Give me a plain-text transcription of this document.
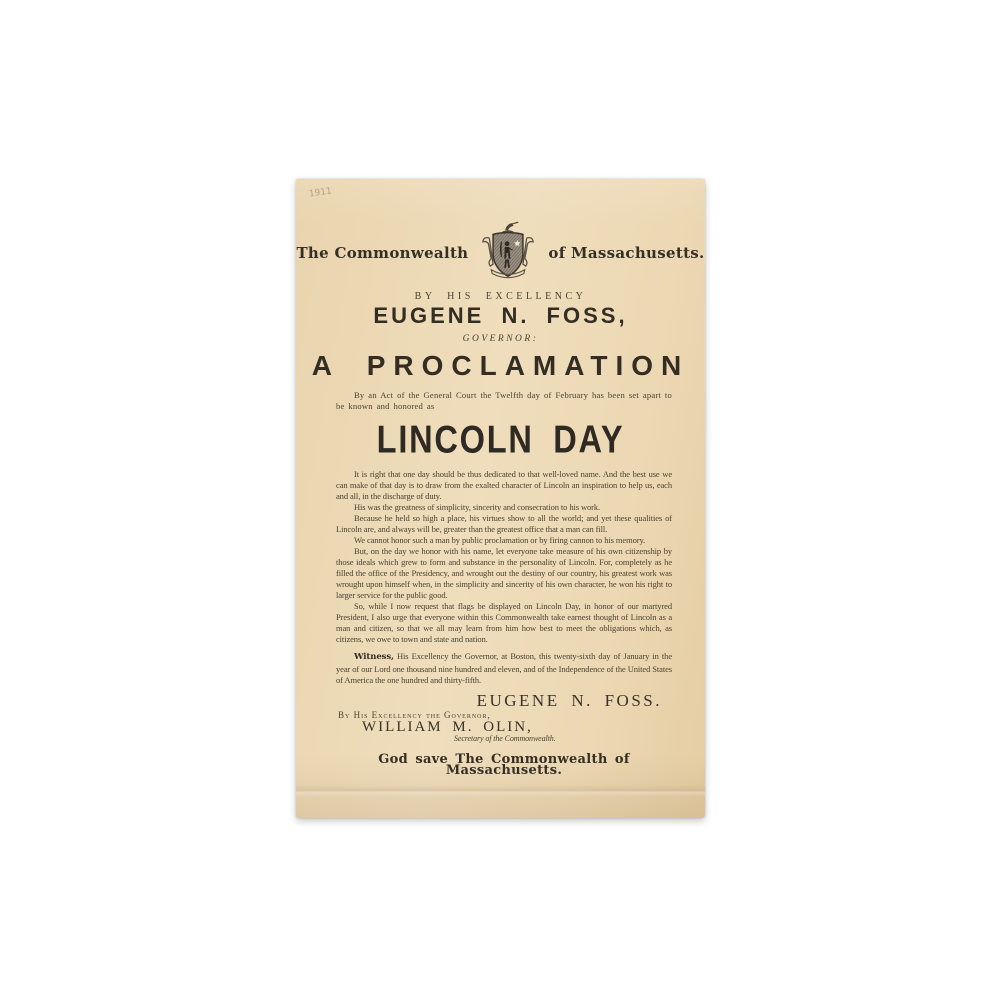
1911
The Commonwealth	of Massachusetts.
BY HIS EXCELLENCY
EUGENE N. FOSS,
GOVERNOR:
A PROCLAMATION

By an Act of the General Court the Twelfth day of February has been set apart to be known and honored as

LINCOLN DAY

It is right that one day should be thus dedicated to that well-loved name. And the best use we can make of that day is to draw from the exalted character of Lincoln an inspiration to help us, each and all, in the discharge of duty.

His was the greatness of simplicity, sincerity and consecration to his work.

Because he held so high a place, his virtues show to all the world; and yet these qualities of Lincoln are, and always will be, greater than the greatest office that a man can fill.

We cannot honor such a man by public proclamation or by firing cannon to his memory.

But, on the day we honor with his name, let everyone take measure of his own citizenship by those ideals which grew to form and substance in the personality of Lincoln. For, completely as he filled the office of the Presidency, and wrought out the destiny of our country, his greatest work was wrought upon himself when, in the simplicity and sincerity of his own character, he won his right to larger service for the public good.

So, while I now request that flags be displayed on Lincoln Day, in honor of our martyred President, I also urge that everyone within this Commonwealth take earnest thought of Lincoln as a man and citizen, so that we all may learn from him how best to meet the obligations which, as citizens, we owe to town and state and nation.

Witness, His Excellency the Governor, at Boston, this twenty-sixth day of January in the year of our Lord one thousand nine hundred and eleven, and of the Independence of the United States of America the one hundred and thirty-fifth.

EUGENE N. FOSS.
By His Excellency the Governor,
WILLIAM M. OLIN,
Secretary of the Commonwealth.
God save The Commonwealth of Massachusetts.
